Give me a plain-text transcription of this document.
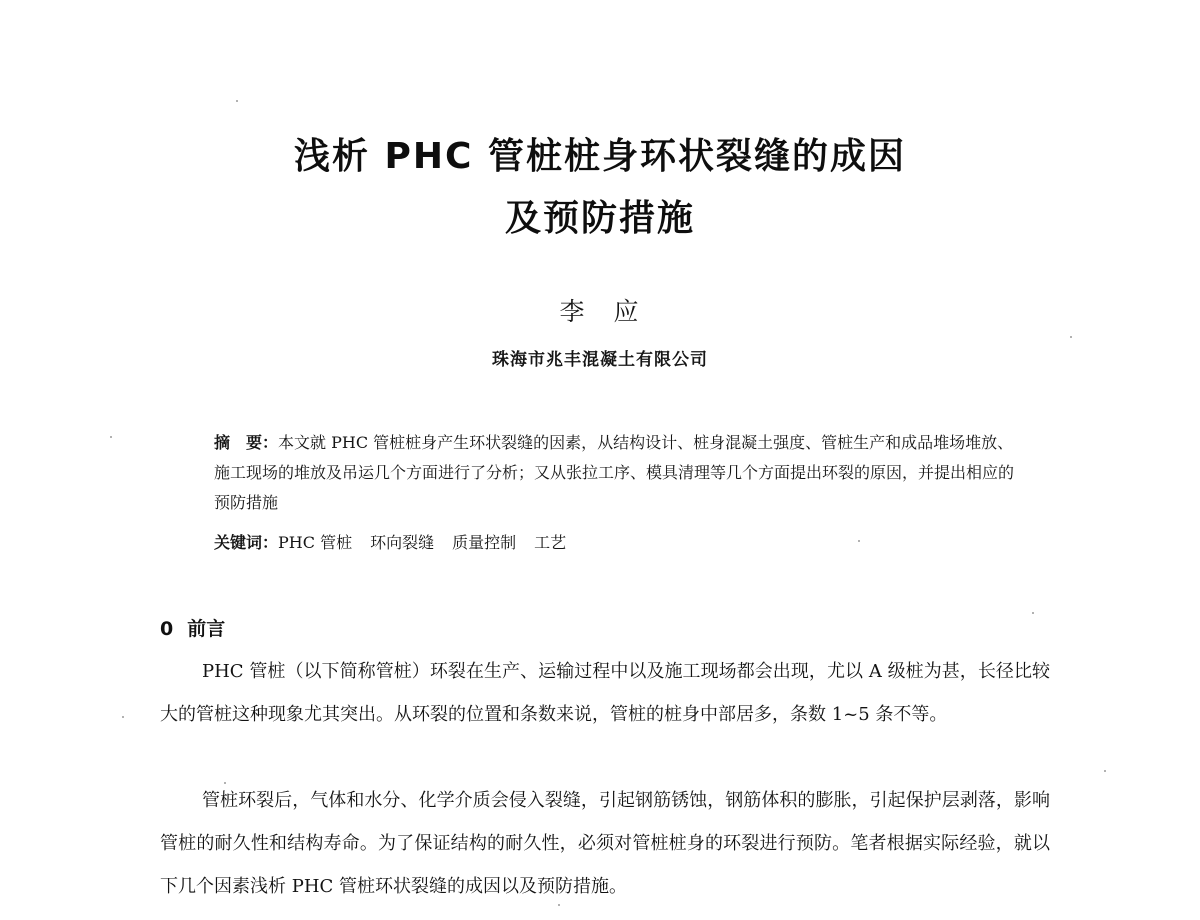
浅析 PHC 管桩桩身环状裂缝的成因
及预防措施
李　应
珠海市兆丰混凝土有限公司
摘　要：本文就 PHC 管桩桩身产生环状裂缝的因素，从结构设计、桩身混凝土强度、管桩生产和成品堆场堆放、施工现场的堆放及吊运几个方面进行了分析；又从张拉工序、模具清理等几个方面提出环裂的原因，并提出相应的预防措施
关键词：PHC 管桩 环向裂缝 质量控制 工艺
0 前言

PHC 管桩（以下简称管桩）环裂在生产、运输过程中以及施工现场都会出现，尤以 A 级桩为甚，长径比较大的管桩这种现象尤其突出。从环裂的位置和条数来说，管桩的桩身中部居多，条数 1~5 条不等。

管桩环裂后，气体和水分、化学介质会侵入裂缝，引起钢筋锈蚀，钢筋体积的膨胀，引起保护层剥落，影响管桩的耐久性和结构寿命。为了保证结构的耐久性，必须对管桩桩身的环裂进行预防。笔者根据实际经验，就以下几个因素浅析 PHC 管桩环状裂缝的成因以及预防措施。
